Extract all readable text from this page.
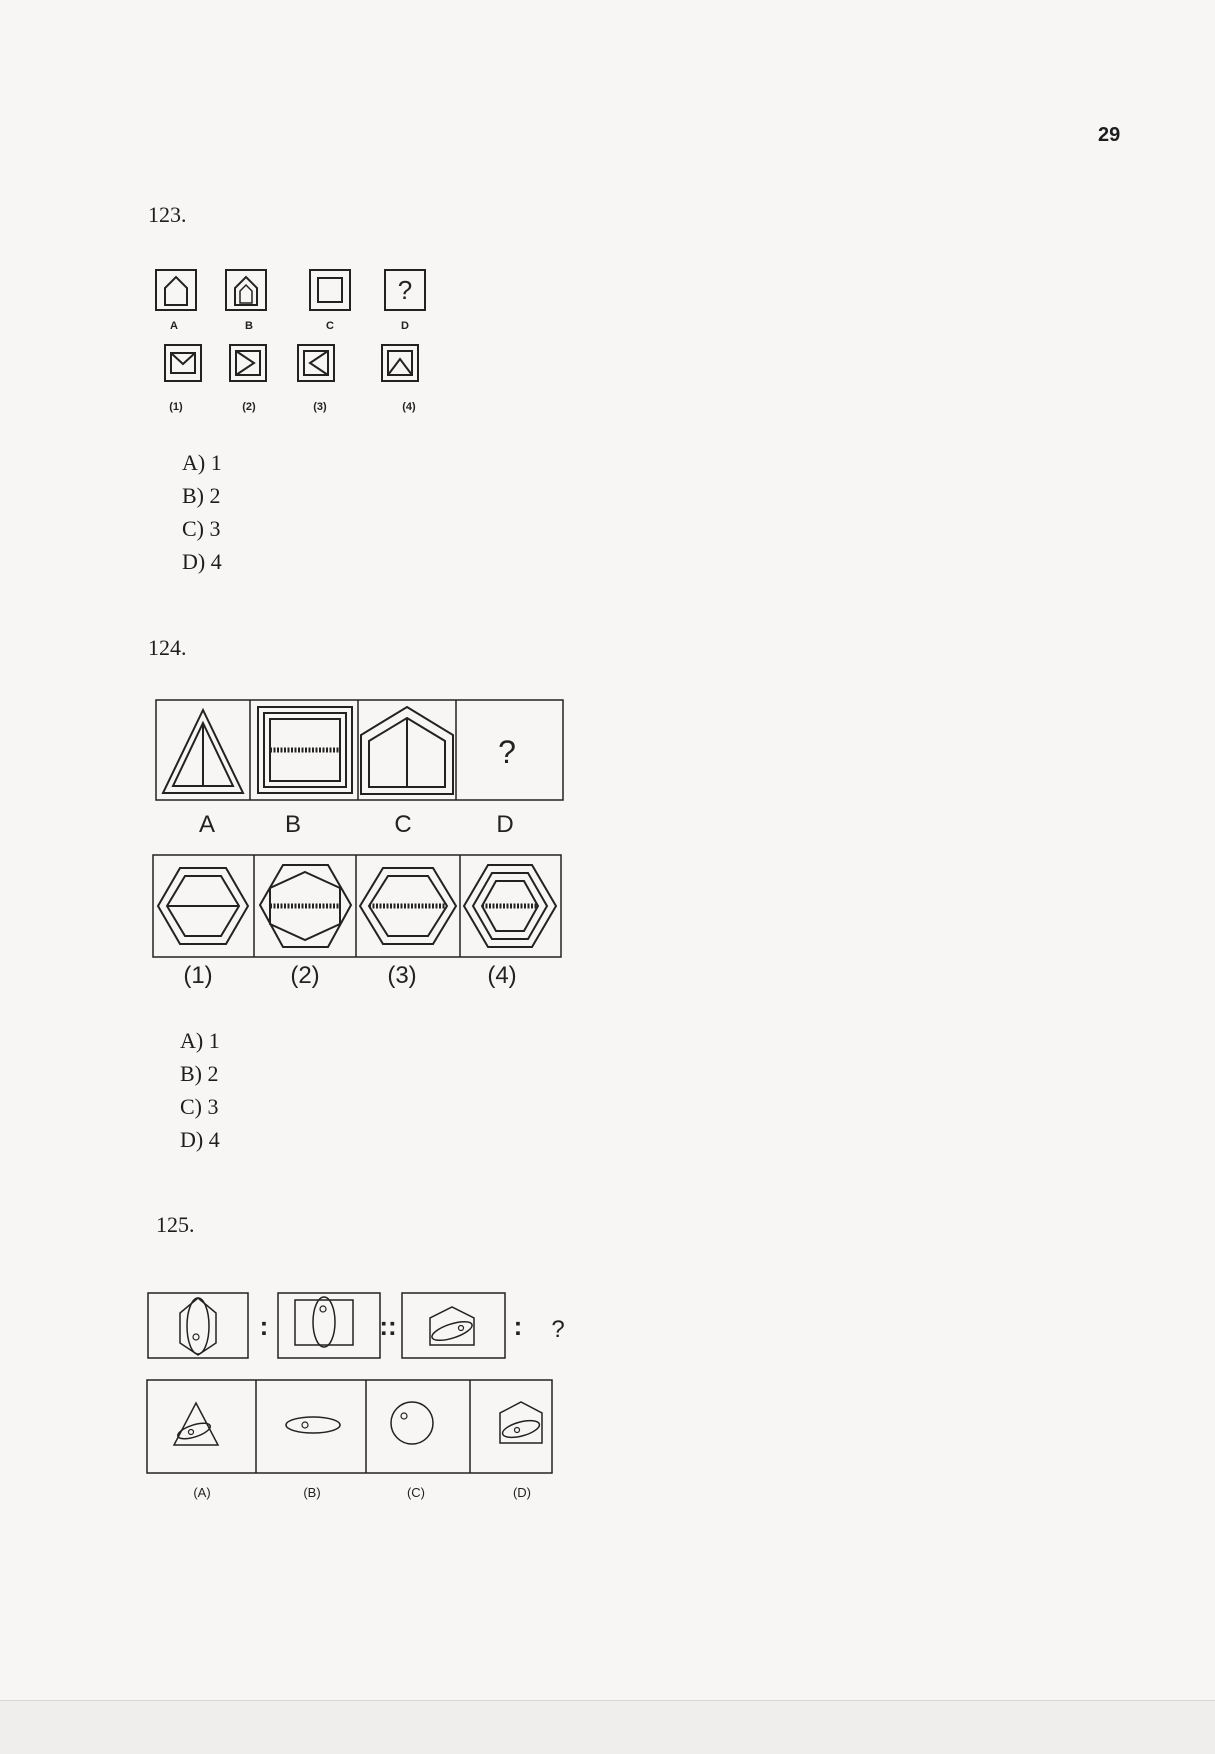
29
123.
?
A	B	C	D
(1)	(2)	(3)	(4)
A) 1
B) 2
C) 3
D) 4
124.
?
A	B	C	D
(1)	(2)	(3)	(4)
A) 1
B) 2
C) 3
D) 4
125.
:	::	: ?
(A)	(B)	(C)	(D)
